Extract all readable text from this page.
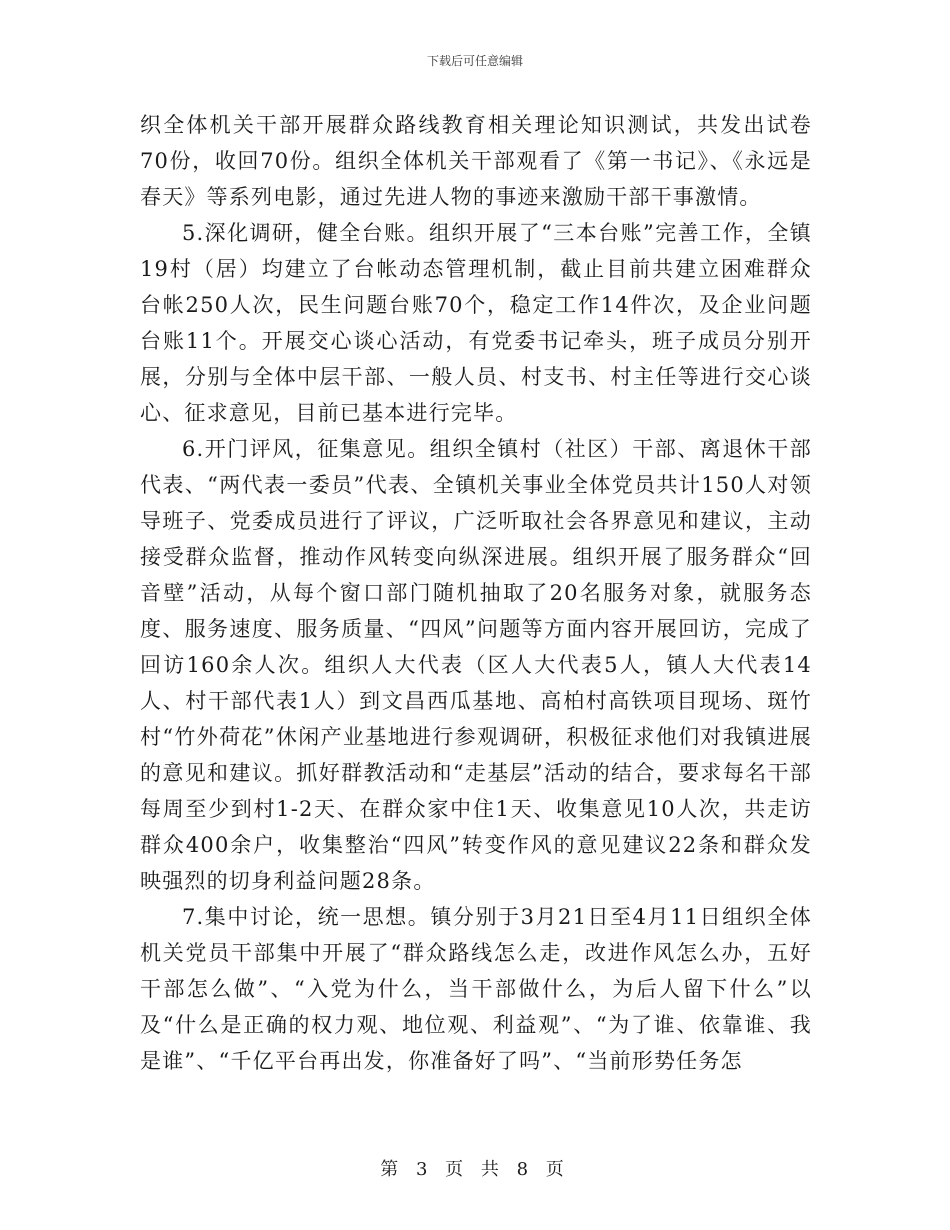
下载后可任意编辑

织全体机关干部开展群众路线教育相关理论知识测试，共发出试卷70份，收回70份。组织全体机关干部观看了《第一书记》、《永远是春天》等系列电影，通过先进人物的事迹来激励干部干事激情。

5.深化调研，健全台账。组织开展了“三本台账”完善工作，全镇19村（居）均建立了台帐动态管理机制，截止目前共建立困难群众台帐250人次，民生问题台账70个，稳定工作14件次，及企业问题台账11个。开展交心谈心活动，有党委书记牵头，班子成员分别开展，分别与全体中层干部、一般人员、村支书、村主任等进行交心谈心、征求意见，目前已基本进行完毕。

6.开门评风，征集意见。组织全镇村（社区）干部、离退休干部代表、“两代表一委员”代表、全镇机关事业全体党员共计150人对领导班子、党委成员进行了评议，广泛听取社会各界意见和建议，主动接受群众监督，推动作风转变向纵深进展。组织开展了服务群众“回音壁”活动，从每个窗口部门随机抽取了20名服务对象，就服务态度、服务速度、服务质量、“四风”问题等方面内容开展回访，完成了回访160余人次。组织人大代表（区人大代表5人，镇人大代表14人、村干部代表1人）到文昌西瓜基地、高柏村高铁项目现场、斑竹村“竹外荷花”休闲产业基地进行参观调研，积极征求他们对我镇进展的意见和建议。抓好群教活动和“走基层”活动的结合，要求每名干部每周至少到村1-2天、在群众家中住1天、收集意见10人次，共走访群众400余户，收集整治“四风”转变作风的意见建议22条和群众发映强烈的切身利益问题28条。

7.集中讨论，统一思想。镇分别于3月21日至4月11日组织全体机关党员干部集中开展了“群众路线怎么走，改进作风怎么办，五好干部怎么做”、“入党为什么，当干部做什么，为后人留下什么”以及“什么是正确的权力观、地位观、利益观”、“为了谁、依靠谁、我是谁”、“千亿平台再出发，你准备好了吗”、“当前形势任务怎

第 3 页 共 8 页
